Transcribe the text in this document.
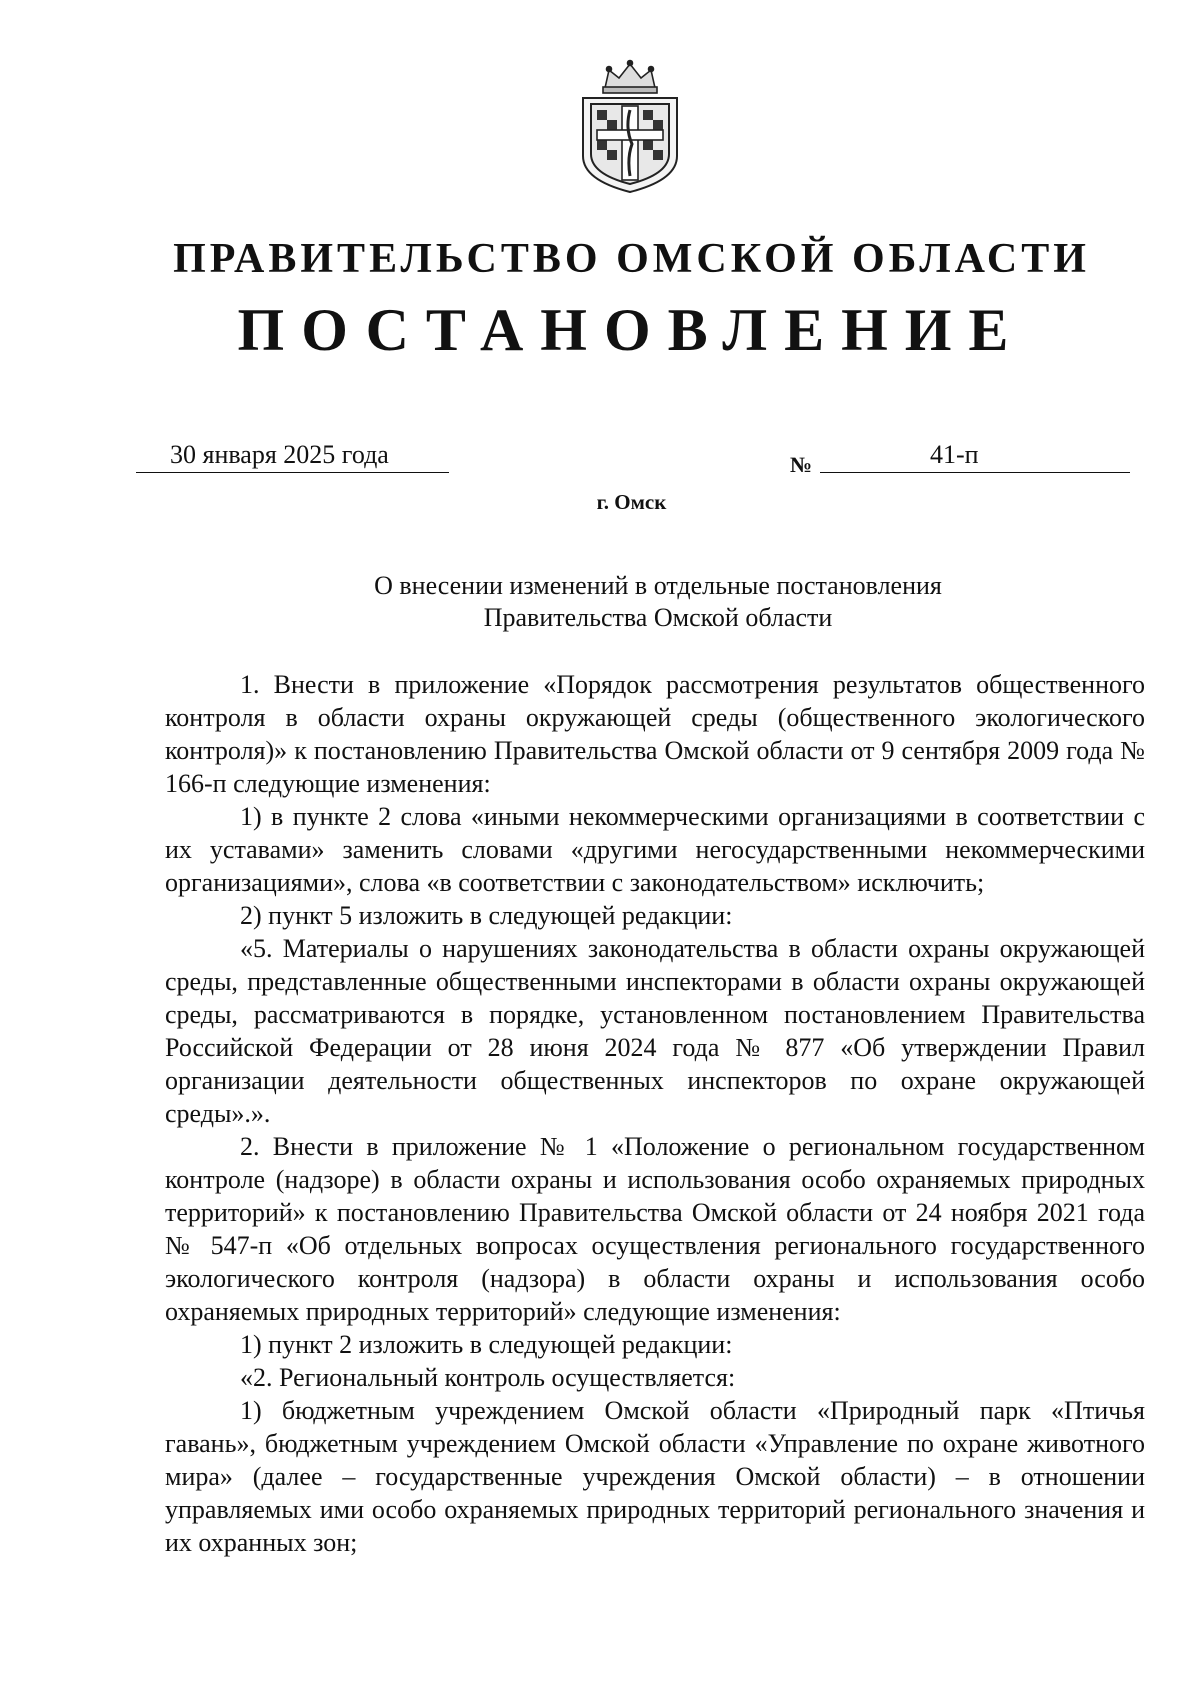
ПРАВИТЕЛЬСТВО ОМСКОЙ ОБЛАСТИ
ПОСТАНОВЛЕНИЕ
30 января 2025 года	№	41-п
г. Омск
О внесении изменений в отдельные постановления
Правительства Омской области

1. Внести в приложение «Порядок рассмотрения результатов общественного контроля в области охраны окружающей среды (общественного экологического контроля)» к постановлению Правительства Омской области от 9 сентября 2009 года № 166-п следующие изменения:

1) в пункте 2 слова «иными некоммерческими организациями в соответствии с их уставами» заменить словами «другими негосударственными некоммерческими организациями», слова «в соответствии с законодательством» исключить;

2) пункт 5 изложить в следующей редакции:

«5. Материалы о нарушениях законодательства в области охраны окружающей среды, представленные общественными инспекторами в области охраны окружающей среды, рассматриваются в порядке, установленном постановлением Правительства Российской Федерации от 28 июня 2024 года № 877 «Об утверждении Правил организации деятельности общественных инспекторов по охране окружающей среды».».

2. Внести в приложение № 1 «Положение о региональном государственном контроле (надзоре) в области охраны и использования особо охраняемых природных территорий» к постановлению Правительства Омской области от 24 ноября 2021 года № 547-п «Об отдельных вопросах осуществления регионального государственного экологического контроля (надзора) в области охраны и использования особо охраняемых природных территорий» следующие изменения:

1) пункт 2 изложить в следующей редакции:

«2. Региональный контроль осуществляется:

1) бюджетным учреждением Омской области «Природный парк «Птичья гавань», бюджетным учреждением Омской области «Управление по охране животного мира» (далее – государственные учреждения Омской области) – в отношении управляемых ими особо охраняемых природных территорий регионального значения и их охранных зон;
